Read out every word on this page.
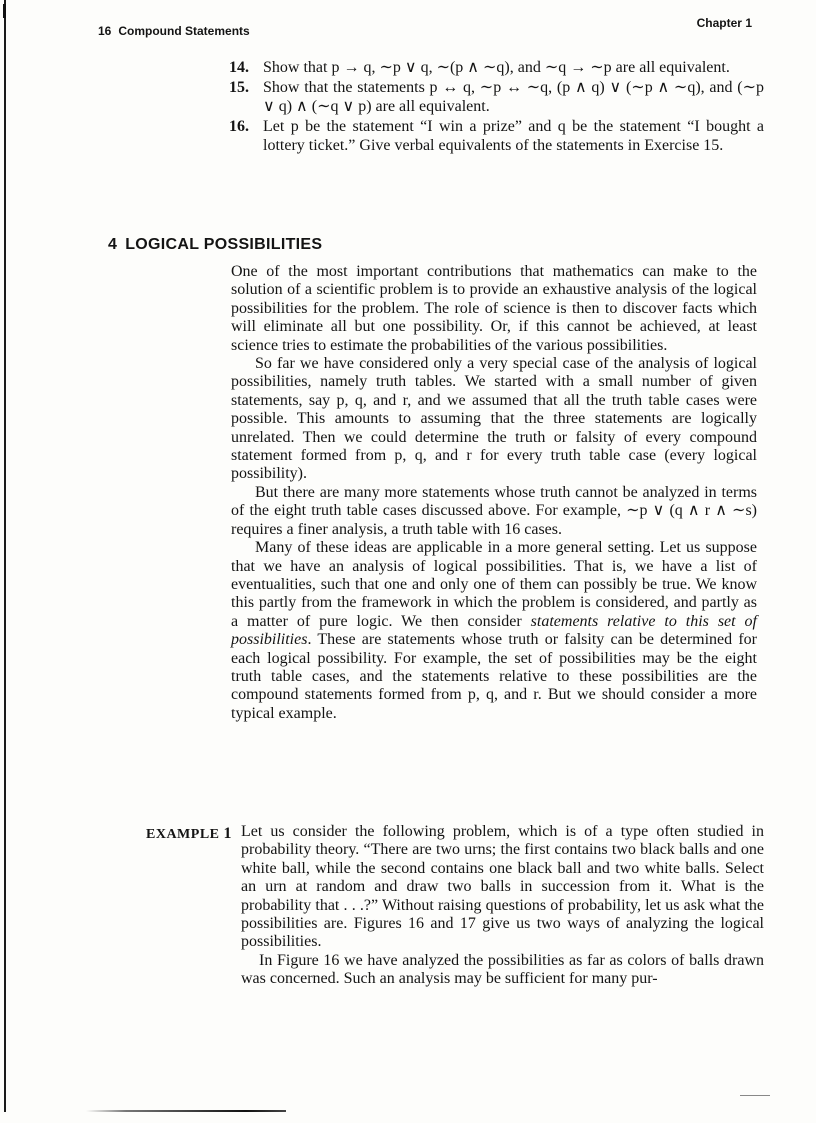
16 Compound Statements
Chapter 1
14. Show that p → q, ∼p ∨ q, ∼(p ∧ ∼q), and ∼q → ∼p are all equivalent.
15. Show that the statements p ↔ q, ∼p ↔ ∼q, (p ∧ q) ∨ (∼p ∧ ∼q), and (∼p ∨ q) ∧ (∼q ∨ p) are all equivalent.
16. Let p be the statement “I win a prize” and q be the statement “I bought a lottery ticket.” Give verbal equivalents of the statements in Exercise 15.
4 LOGICAL POSSIBILITIES

One of the most important contributions that mathematics can make to the solution of a scientific problem is to provide an exhaustive analysis of the logical possibilities for the problem. The role of science is then to discover facts which will eliminate all but one possibility. Or, if this cannot be achieved, at least science tries to estimate the probabilities of the various possibilities.

So far we have considered only a very special case of the analysis of logical possibilities, namely truth tables. We started with a small number of given statements, say p, q, and r, and we assumed that all the truth table cases were possible. This amounts to assuming that the three statements are logically unrelated. Then we could determine the truth or falsity of every compound statement formed from p, q, and r for every truth table case (every logical possibility).

But there are many more statements whose truth cannot be analyzed in terms of the eight truth table cases discussed above. For example, ∼p ∨ (q ∧ r ∧ ∼s) requires a finer analysis, a truth table with 16 cases.

Many of these ideas are applicable in a more general setting. Let us suppose that we have an analysis of logical possibilities. That is, we have a list of eventualities, such that one and only one of them can possibly be true. We know this partly from the framework in which the problem is considered, and partly as a matter of pure logic. We then consider statements relative to this set of possibilities. These are statements whose truth or falsity can be determined for each logical possibility. For example, the set of possibilities may be the eight truth table cases, and the statements relative to these possibilities are the compound statements formed from p, q, and r. But we should consider a more typical example.

EXAMPLE 1 Let us consider the following problem, which is of a type often studied in probability theory. “There are two urns; the first contains two black balls and one white ball, while the second contains one black ball and two white balls. Select an urn at random and draw two balls in succession from it. What is the probability that . . .?” Without raising questions of probability, let us ask what the possibilities are. Figures 16 and 17 give us two ways of analyzing the logical possibilities.

In Figure 16 we have analyzed the possibilities as far as colors of balls drawn was concerned. Such an analysis may be sufficient for many pur-
